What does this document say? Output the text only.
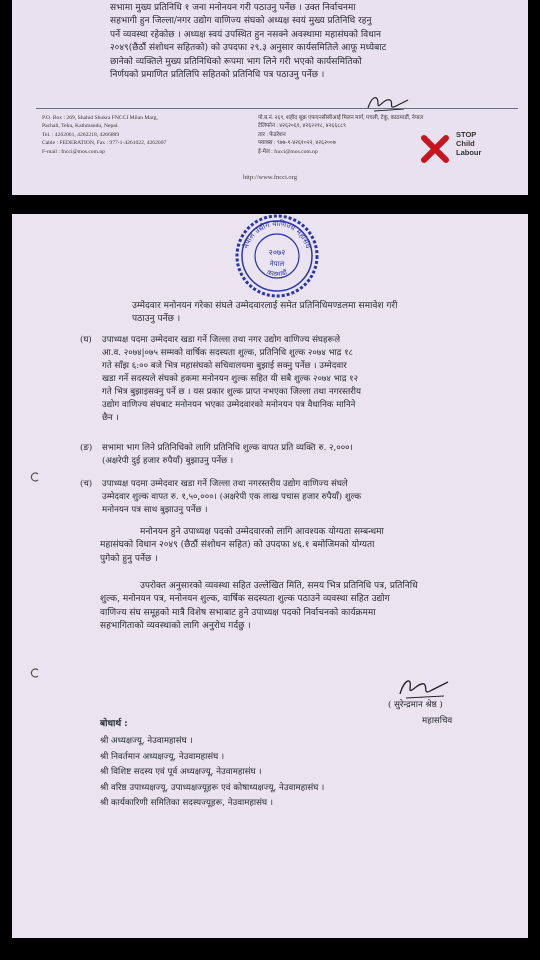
सभामा मुख्य प्रतिनिधि १ जना मनोनयन गरी पठाउनु पर्नेछ । उक्त निर्वाचनमा

सहभागी हुन जिल्ला/नगर उद्योग वाणिज्य संघको अध्यक्ष स्वयं मुख्य प्रतिनिधि रहनु

पर्ने व्यवस्था रहेकोछ । अध्यक्ष स्वयं उपस्थित हुन नसक्ने अवस्थामा महासंघको विधान

२०४९(छैठौं संशोधन सहितको) को उपदफा २९.३ अनुसार कार्यसमितिले आफू मध्येबाट

छानेको व्यक्तिले मुख्य प्रतिनिधिको रूपमा भाग लिने गरी भएको कार्यसमितिको

निर्णयको प्रमाणित प्रतिलिपि सहितको प्रतिनिधि पत्र पठाउनु पर्नेछ ।

P.O. Box : 269, Shahid Shukra FNCCI Milan Marg,
Pachali, Teku, Kathmandu, Nepal.
Tel. : 4262061, 4262218, 4266889
Cable : FEDERATION, Fax : 977-1-4261022, 4262007
F-mail : fncci@mos.com.np
पो.ब.नं. २६९, शहीद शुक्र एफएनसीसीआई मिलन मार्ग, पचली, टेकु, काठमाडौं, नेपाल
टेलिफोन : ४२६२०६१, ४२६२२१८, ४२६६८८९
तार : फेडरेशन
फ्याक्स : ९७७-१-४२६१०२२, ४२६२००७
ई-मेल : fncci@mos.com.np
STOP
Child
Labour
http://www.fncci.org
नेपाल उद्योग वाणिज्य महासंघ
काठमाडौं
२०७२
नेपाल

उम्मेदवार मनोनयन गरेका संघले उम्मेदवारलाई समेत प्रतिनिधिमण्डलमा समावेश गरी

पठाउनु पर्नेछ ।

(घ) उपाध्यक्ष पदमा उम्मेदवार खडा गर्ने जिल्ला तथा नगर उद्योग वाणिज्य संघहरूले
आ.व. २०७४|०७५ सम्मको वार्षिक सदस्यता शुल्क, प्रतिनिधि शुल्क २०७४ भाद्र १८
गते साँझ ६:०० बजे भित्र महासंघको सचिवालयमा बुझाई सक्नु पर्नेछ । उम्मेदवार
खडा गर्ने सदस्यले संघको हकमा मनोनयन शुल्क सहित यी सबै शुल्क २०७४ भाद्र १२
गते भित्र बुझाइसक्नु पर्ने छ । यस प्रकार शुल्क प्राप्त नभएका जिल्ला तथा नगरस्तरीय
उद्योग वाणिज्य संघबाट मनोनयन भएका उम्मेदवारको मनोनयन पत्र वैधानिक मानिने
छैन ।
(ङ) सभामा भाग लिने प्रतिनिधिको लागि प्रतिनिधि शुल्क वापत प्रति व्यक्ति रु. २,०००।
(अक्षरेपी दुई हजार रुपैयाँ) बुझाउनु पर्नेछ ।
(च) उपाध्यक्ष पदमा उम्मेदवार खडा गर्ने जिल्ला तथा नगरस्तरीय उद्योग वाणिज्य संघले
उम्मेदवार शुल्क वापत रु. १,५०,०००। (अक्षरेपी एक लाख पचास हजार रुपैयाँ) शुल्क
मनोनयन पत्र साथ बुझाउनु पर्नेछ ।

मनोनयन हुने उपाध्यक्ष पदको उम्मेदवारको लागि आवश्यक योग्यता सम्बन्धमा

महासंघको विधान २०४९ (छैठौं संशोधन सहित) को उपदफा ४६.१ बमोजिमको योग्यता

पुगेको हुनु पर्नेछ ।

उपरोक्त अनुसारको व्यवस्था सहित उल्लेखित मिति, समय भित्र प्रतिनिधि पत्र, प्रतिनिधि

शुल्क, मनोनयन पत्र, मनोनयन शुल्क, वार्षिक सदस्यता शुल्क पठाउने व्यवस्था सहित उद्योग

वाणिज्य संघ समूहको मात्रै विशेष सभाबाट हुने उपाध्यक्ष पदको निर्वाचनको कार्यक्रममा

सहभागिताको व्यवस्थाको लागि अनुरोध गर्दछु ।

( सुरेन्द्रमान श्रेष्ठ )
महासचिव
बोधार्थ :
श्री अध्यक्षज्यू, नेउवामहासंघ ।
श्री निवर्तमान अध्यक्षज्यू, नेउवामहासंघ ।
श्री विशिष्ट सदस्य एवं पूर्व अध्यक्षज्यू, नेउवामहासंघ ।
श्री वरिष्ठ उपाध्यक्षज्यू, उपाध्यक्षज्यूहरू एवं कोषाध्यक्षज्यू, नेउवामहासंघ ।
श्री कार्यकारिणी समितिका सदस्यज्यूहरू, नेउवामहासंघ ।
